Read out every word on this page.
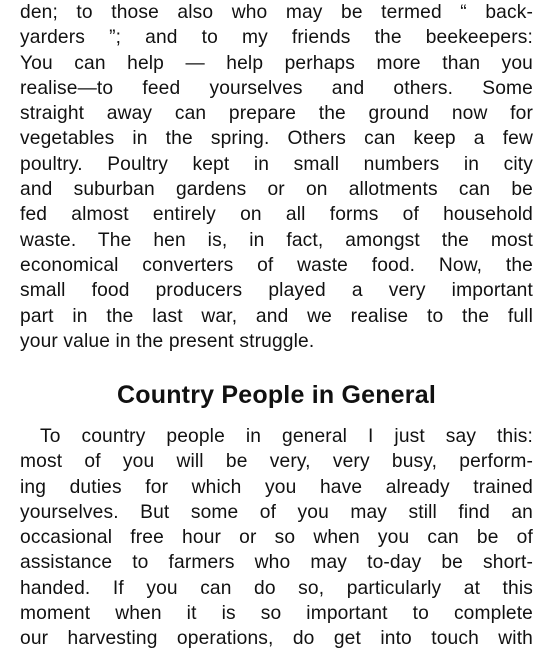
den; to those also who may be termed “ back-
yarders ”; and to my friends the beekeepers:
You can help — help perhaps more than you
realise—to feed yourselves and others. Some
straight away can prepare the ground now for
vegetables in the spring. Others can keep a few
poultry. Poultry kept in small numbers in city
and suburban gardens or on allotments can be
fed almost entirely on all forms of household
waste. The hen is, in fact, amongst the most
economical converters of waste food. Now, the
small food producers played a very important
part in the last war, and we realise to the full
your value in the present struggle.
Country People in General
To country people in general I just say this:
most of you will be very, very busy, perform-
ing duties for which you have already trained
yourselves. But some of you may still find an
occasional free hour or so when you can be of
assistance to farmers who may to-day be short-
handed. If you can do so, particularly at this
moment when it is so important to complete
our harvesting operations, do get into touch with
